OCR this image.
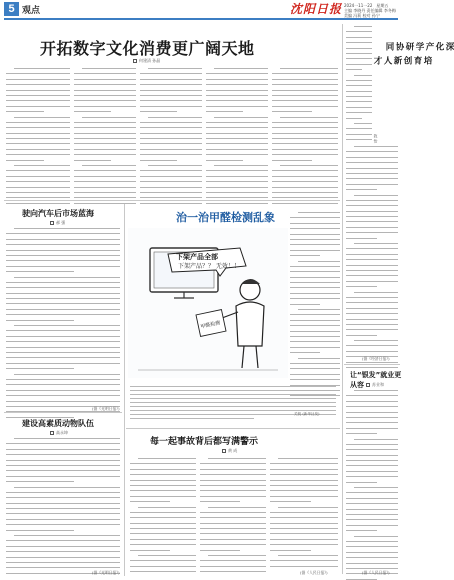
5 观点	沈阳日报 2024一11一22　星期五
主编 李晓丹 责任编辑 李冬梅
美编 冯莉 校对 孙宁
开拓数字文化消费更广阔天地
何建清 孙晶
驶向汽车后市场蓝海
郝 强
(据《光明日报》)
建设高素质动物队伍
高永坤
(据《光明日报》)
治一治甲醛检测乱象
下架产品全部
下架产品？？ 无效！！
甲醛检测
关锐 (新华社发)
每一起事故背后都写满警示
黄 成
(据《人民日报》)
深化产学研协同
培育创新人才
陈 怡
(据《经济日报》)
让“银发”就业更从容	苏业和
(据《人民日报》)
